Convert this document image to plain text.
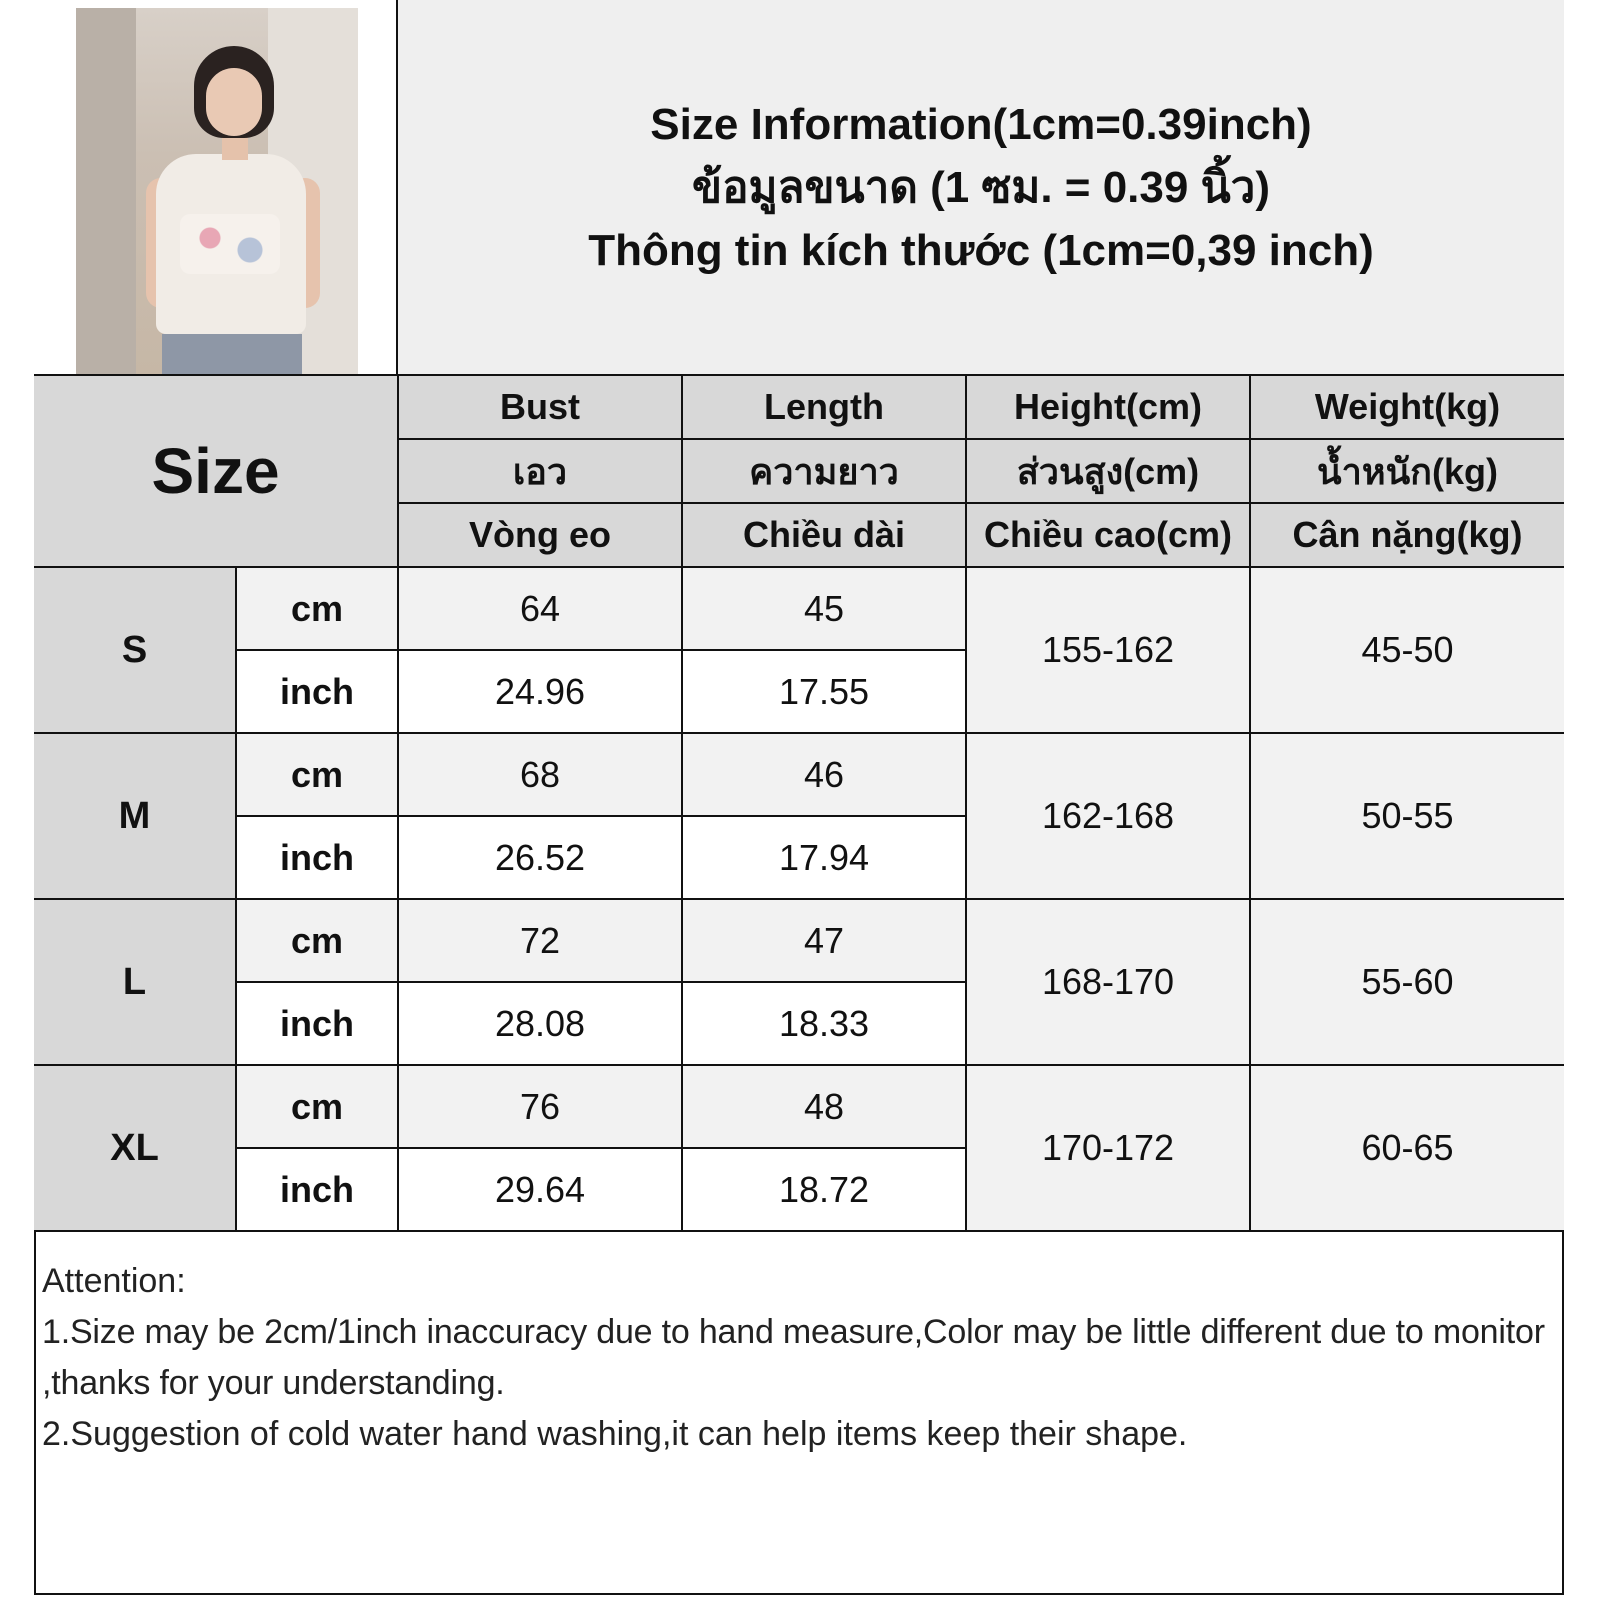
Size Information(1cm=0.39inch)
ข้อมูลขนาด (1 ซม. = 0.39 นิ้ว)
Thông tin kích thước (1cm=0,39 inch)
Size		Bust	Length	Height(cm)	Weight(kg)
		เอว	ความยาว	ส่วนสูง(cm)	น้ำหนัก(kg)
		Vòng eo	Chiều dài	Chiều cao(cm)	Cân nặng(kg)
S	cm	64	45	155-162	45-50
	inch	24.96	17.55		
M	cm	68	46	162-168	50-55
	inch	26.52	17.94		
L	cm	72	47	168-170	55-60
	inch	28.08	18.33		
XL	cm	76	48	170-172	60-65
	inch	29.64	18.72		
Attention:
1.Size may be 2cm/1inch inaccuracy due to hand measure,Color may be little different due to monitor ,thanks for your understanding.
2.Suggestion of cold water hand washing,it can help items keep their shape.
